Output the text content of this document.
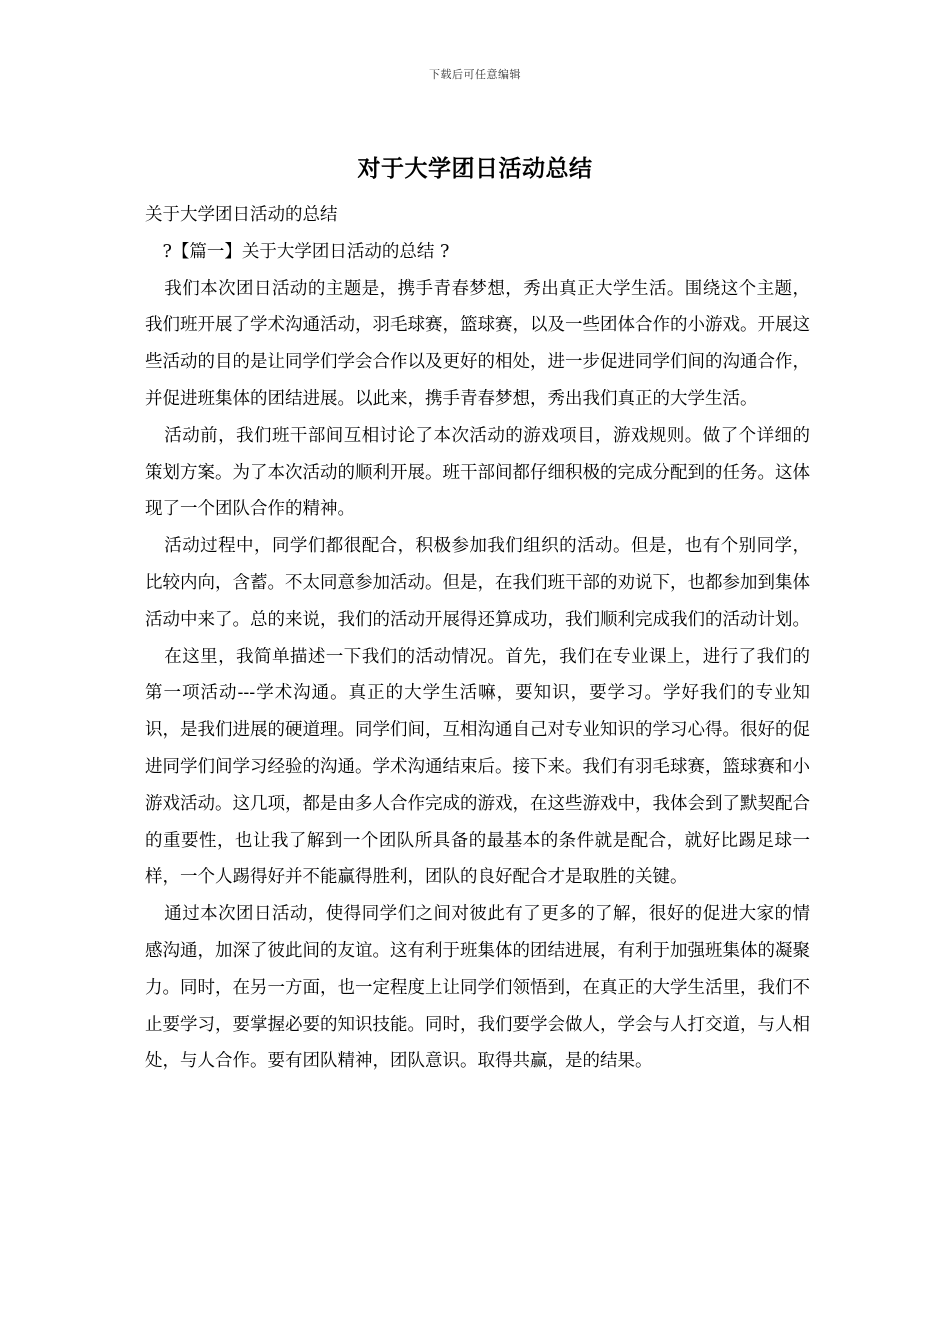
下载后可任意编辑
对于大学团日活动总结

关于大学团日活动的总结

?【篇一】关于大学团日活动的总结 ?

我们本次团日活动的主题是，携手青春梦想，秀出真正大学生活。围绕这个主题，我们班开展了学术沟通活动，羽毛球赛，篮球赛，以及一些团体合作的小游戏。开展这些活动的目的是让同学们学会合作以及更好的相处，进一步促进同学们间的沟通合作，并促进班集体的团结进展。以此来，携手青春梦想，秀出我们真正的大学生活。

活动前，我们班干部间互相讨论了本次活动的游戏项目，游戏规则。做了个详细的策划方案。为了本次活动的顺利开展。班干部间都仔细积极的完成分配到的任务。这体现了一个团队合作的精神。

活动过程中，同学们都很配合，积极参加我们组织的活动。但是，也有个别同学，比较内向，含蓄。不太同意参加活动。但是，在我们班干部的劝说下，也都参加到集体活动中来了。总的来说，我们的活动开展得还算成功，我们顺利完成我们的活动计划。

在这里，我简单描述一下我们的活动情况。首先，我们在专业课上，进行了我们的第一项活动---学术沟通。真正的大学生活嘛，要知识，要学习。学好我们的专业知识，是我们进展的硬道理。同学们间，互相沟通自己对专业知识的学习心得。很好的促进同学们间学习经验的沟通。学术沟通结束后。接下来。我们有羽毛球赛，篮球赛和小游戏活动。这几项，都是由多人合作完成的游戏，在这些游戏中，我体会到了默契配合的重要性，也让我了解到一个团队所具备的最基本的条件就是配合，就好比踢足球一样，一个人踢得好并不能赢得胜利，团队的良好配合才是取胜的关键。

通过本次团日活动，使得同学们之间对彼此有了更多的了解，很好的促进大家的情感沟通，加深了彼此间的友谊。这有利于班集体的团结进展，有利于加强班集体的凝聚力。同时，在另一方面，也一定程度上让同学们领悟到，在真正的大学生活里，我们不止要学习，要掌握必要的知识技能。同时，我们要学会做人，学会与人打交道，与人相处，与人合作。要有团队精神，团队意识。取得共赢，是的结果。
